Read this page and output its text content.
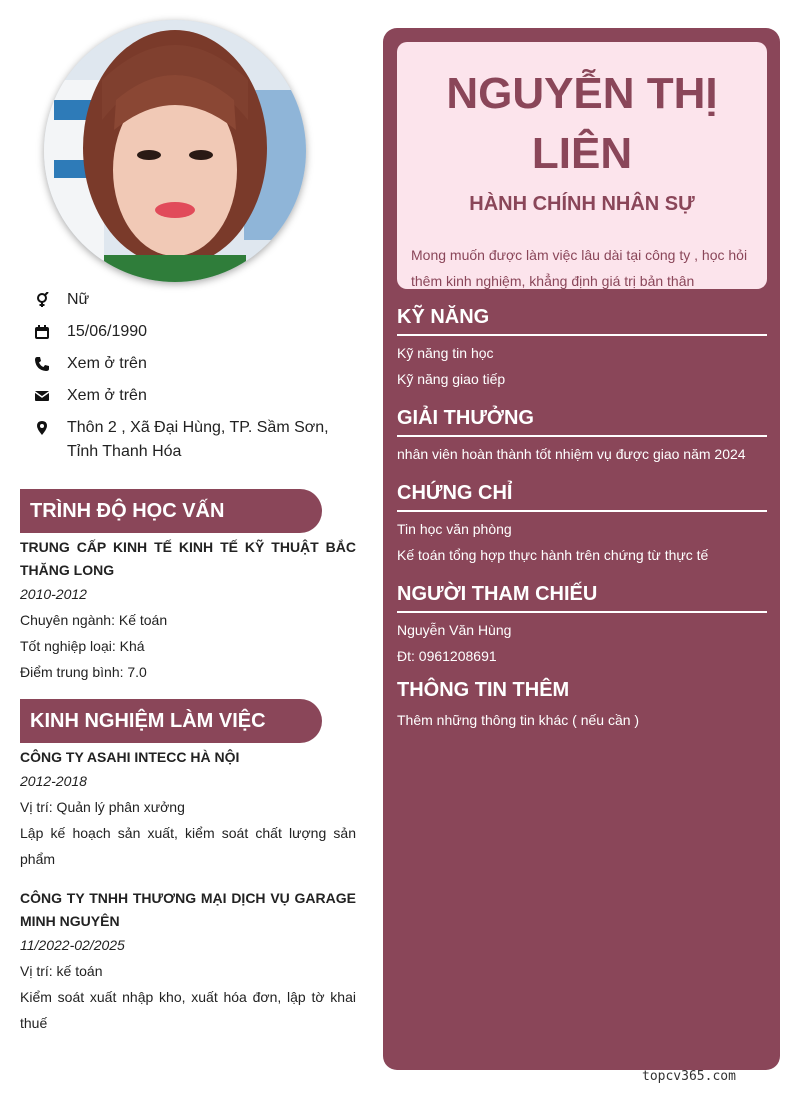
Nữ
15/06/1990
Xem ở trên
Xem ở trên
Thôn 2 , Xã Đại Hùng, TP. Sầm Sơn, Tỉnh Thanh Hóa
TRÌNH ĐỘ HỌC VẤN
TRUNG CẤP KINH TẾ KINH TẾ KỸ THUẬT BẮC THĂNG LONG
2010-2012
Chuyên ngành: Kế toán
Tốt nghiệp loại: Khá
Điểm trung bình: 7.0
KINH NGHIỆM LÀM VIỆC
CÔNG TY ASAHI INTECC HÀ NỘI
2012-2018
Vị trí: Quản lý phân xưởng
Lập kế hoạch sản xuất, kiểm soát chất lượng sản phẩm
CÔNG TY TNHH THƯƠNG MẠI DỊCH VỤ GARAGE MINH NGUYÊN
11/2022-02/2025
Vị trí: kế toán
Kiểm soát xuất nhập kho, xuất hóa đơn, lập tờ khai thuế
NGUYỄN THỊ LIÊN
HÀNH CHÍNH NHÂN SỰ
Mong muốn được làm việc lâu dài tại công ty , học hỏi thêm kinh nghiệm, khẳng định giá trị bản thân
KỸ NĂNG
Kỹ năng tin học
Kỹ năng giao tiếp
GIẢI THƯỞNG
nhân viên hoàn thành tốt nhiệm vụ được giao năm 2024
CHỨNG CHỈ
Tin học văn phòng
Kế toán tổng hợp thực hành trên chứng từ thực tế
NGƯỜI THAM CHIẾU
Nguyễn Văn Hùng
Đt: 0961208691
THÔNG TIN THÊM
Thêm những thông tin khác ( nếu cần )
topcv365.com
